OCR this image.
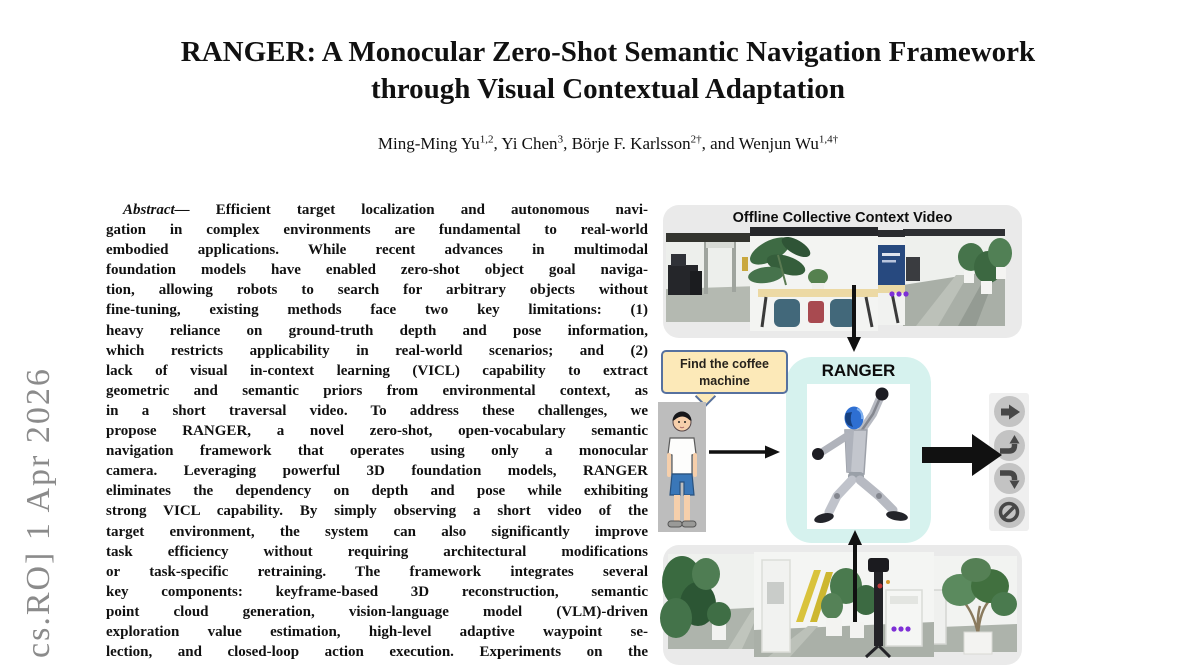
cs.RO] 1 Apr 2026
RANGER: A Monocular Zero-Shot Semantic Navigation Framework
through Visual Contextual Adaptation
Ming-Ming Yu$^{1,2}$, Yi Chen$^3$, Börje F. Karlsson$^{2\dagger}$, and Wenjun $Wu^{1,4\dagger}$
Abstract— Efficient target localization and autonomous navi-
gation in complex environments are fundamental to real-world
embodied applications. While recent advances in multimodal
foundation models have enabled zero-shot object goal naviga-
tion, allowing robots to search for arbitrary objects without
fine-tuning, existing methods face two key limitations: (1)
heavy reliance on ground-truth depth and pose information,
which restricts applicability in real-world scenarios; and (2)
lack of visual in-context learning (VICL) capability to extract
geometric and semantic priors from environmental context, as
in a short traversal video. To address these challenges, we
propose RANGER, a novel zero-shot, open-vocabulary semantic
navigation framework that operates using only a monocular
camera. Leveraging powerful 3D foundation models, RANGER
eliminates the dependency on depth and pose while exhibiting
strong VICL capability. By simply observing a short video of the
target environment, the system can also significantly improve
task efficiency without requiring architectural modifications
or task-specific retraining. The framework integrates several
key components: keyframe-based 3D reconstruction, semantic
point cloud generation, vision-language model (VLM)-driven
exploration value estimation, high-level adaptive waypoint se-
lection, and closed-loop action execution. Experiments on the
Offline Collective Context Video
Find the coffee
machine
RANGER
